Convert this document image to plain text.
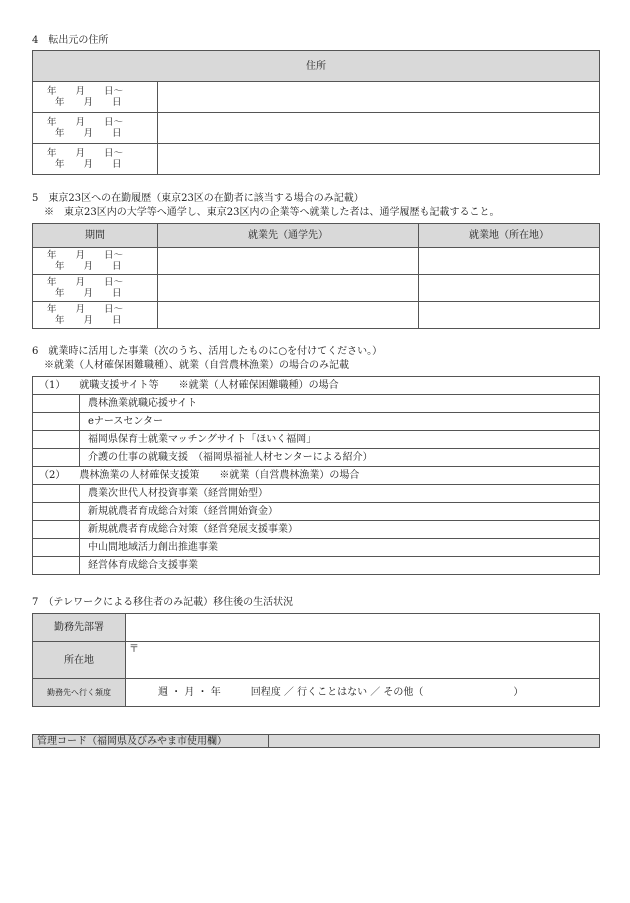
4　転出元の住所
住所	

年　　月　　日～
年　　月　　日	

年　　月　　日～
年　　月　　日	

年　　月　　日～
年　　月　　日	

5　東京23区への在勤履歴（東京23区の在勤者に該当する場合のみ記載）
※　東京23区内の大学等へ通学し、東京23区内の企業等へ就業した者は、通学履歴も記載すること。
期間	就業先（通学先）	就業地（所在地）

年　　月　　日～
年　　月　　日		

年　　月　　日～
年　　月　　日		

年　　月　　日～
年　　月　　日		

6　就業時に活用した事業（次のうち、活用したものに○を付けてください。）
※就業（人材確保困難職種）、就業（自営農林漁業）の場合のみ記載
（1） 就職支援サイト等　　※就業（人材確保困難職種）の場合	
	農林漁業就職応援サイト
	eナースセンター
	福岡県保育士就業マッチングサイト「ほいく福岡」
	介護の仕事の就職支援　（福岡県福祉人材センターによる紹介）
（2） 農林漁業の人材確保支援策　　※就業（自営農林漁業）の場合	
	農業次世代人材投資事業（経営開始型）
	新規就農者育成総合対策（経営開始資金）
	新規就農者育成総合対策（経営発展支援事業）
	中山間地域活力創出推進事業
	経営体育成総合支援事業
7　（テレワークによる移住者のみ記載）移住後の生活状況
勤務先部署	
所在地	〒
勤務先へ行く頻度	週 ・ 月 ・ 年　　　回程度 ／ 行くことはない ／ その他（　　　　　　　　　）
管理コード（福岡県及びみやま市使用欄）	
